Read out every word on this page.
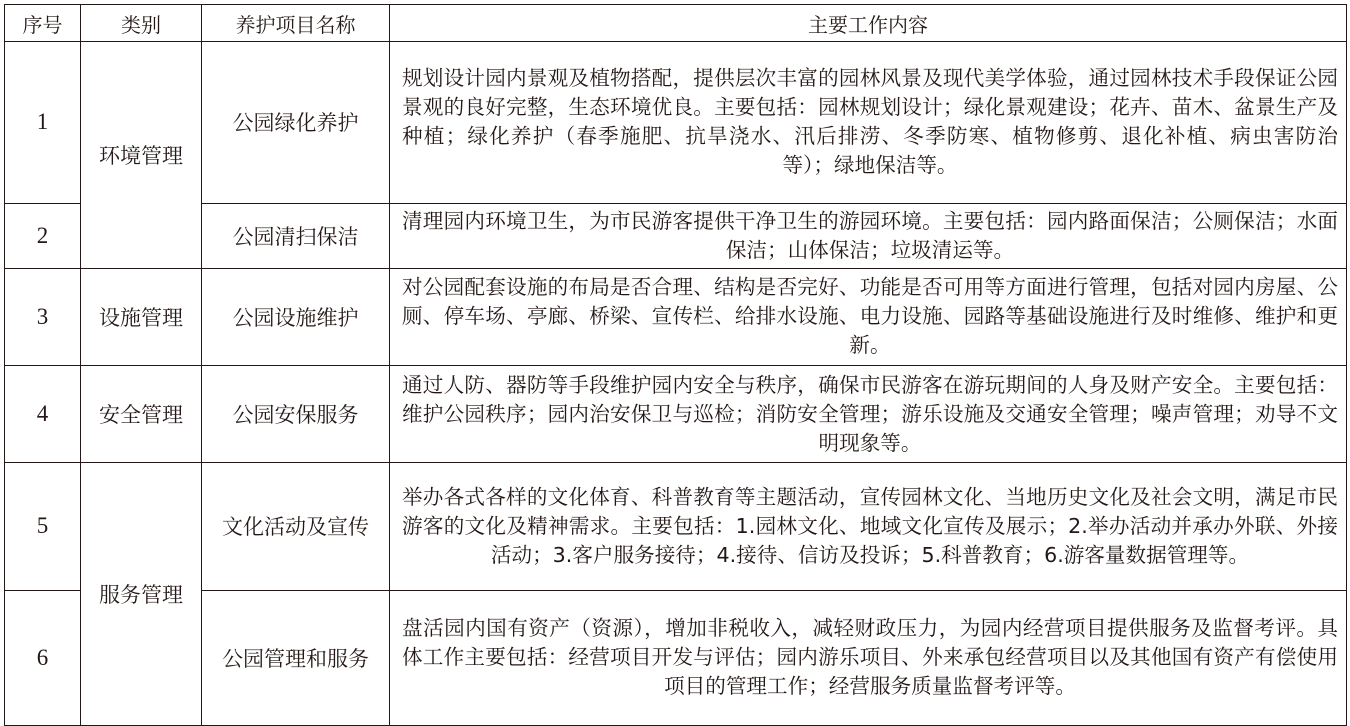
序号	类别	养护项目名称	主要工作内容
1	环境管理	公园绿化养护	规划设计园内景观及植物搭配，提供层次丰富的园林风景及现代美学体验，通过园林技术手段保证公园景观的良好完整，生态环境优良。主要包括：园林规划设计；绿化景观建设；花卉、苗木、盆景生产及种植；绿化养护（春季施肥、抗旱浇水、汛后排涝、冬季防寒、植物修剪、退化补植、病虫害防治等）；绿地保洁等。
2		公园清扫保洁	清理园内环境卫生，为市民游客提供干净卫生的游园环境。主要包括：园内路面保洁；公厕保洁；水面保洁；山体保洁；垃圾清运等。
3	设施管理	公园设施维护	对公园配套设施的布局是否合理、结构是否完好、功能是否可用等方面进行管理，包括对园内房屋、公厕、停车场、亭廊、桥梁、宣传栏、给排水设施、电力设施、园路等基础设施进行及时维修、维护和更新。
4	安全管理	公园安保服务	通过人防、器防等手段维护园内安全与秩序，确保市民游客在游玩期间的人身及财产安全。主要包括：维护公园秩序；园内治安保卫与巡检；消防安全管理；游乐设施及交通安全管理；噪声管理；劝导不文明现象等。
5	服务管理	文化活动及宣传	举办各式各样的文化体育、科普教育等主题活动，宣传园林文化、当地历史文化及社会文明，满足市民游客的文化及精神需求。主要包括：1.园林文化、地域文化宣传及展示；2.举办活动并承办外联、外接活动；3.客户服务接待；4.接待、信访及投诉；5.科普教育；6.游客量数据管理等。
6		公园管理和服务	盘活园内国有资产（资源），增加非税收入，减轻财政压力，为园内经营项目提供服务及监督考评。具体工作主要包括：经营项目开发与评估；园内游乐项目、外来承包经营项目以及其他国有资产有偿使用项目的管理工作；经营服务质量监督考评等。
